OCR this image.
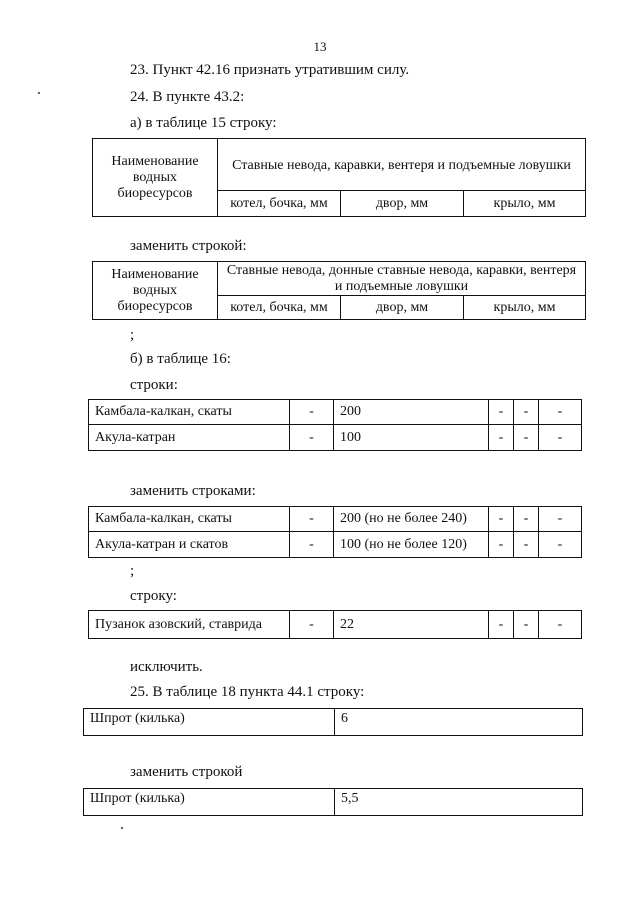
13
23. Пункт 42.16 признать утратившим силу.
24. В пункте 43.2:
а) в таблице 15 строку:
Наименование водных биоресурсов	Ставные невода, каравки, вентеря и подъемные ловушки		
	котел, бочка, мм	двор, мм	крыло, мм
заменить строкой:
Наименование водных биоресурсов	Ставные невода, донные ставные невода, каравки, вентеря и подъемные ловушки		
	котел, бочка, мм	двор, мм	крыло, мм
;
б) в таблице 16:
строки:
Камбала-калкан, скаты	-	200	-	-	-
Акула-катран	-	100	-	-	-
заменить строками:
Камбала-калкан, скаты	-	200 (но не более 240)	-	-	-
Акула-катран и скатов	-	100 (но не более 120)	-	-	-
;
строку:
Пузанок азовский, ставрида	-	22	-	-	-
исключить.
25. В таблице 18 пункта 44.1 строку:
Шпрот (килька)	6
заменить строкой
Шпрот (килька)	5,5
